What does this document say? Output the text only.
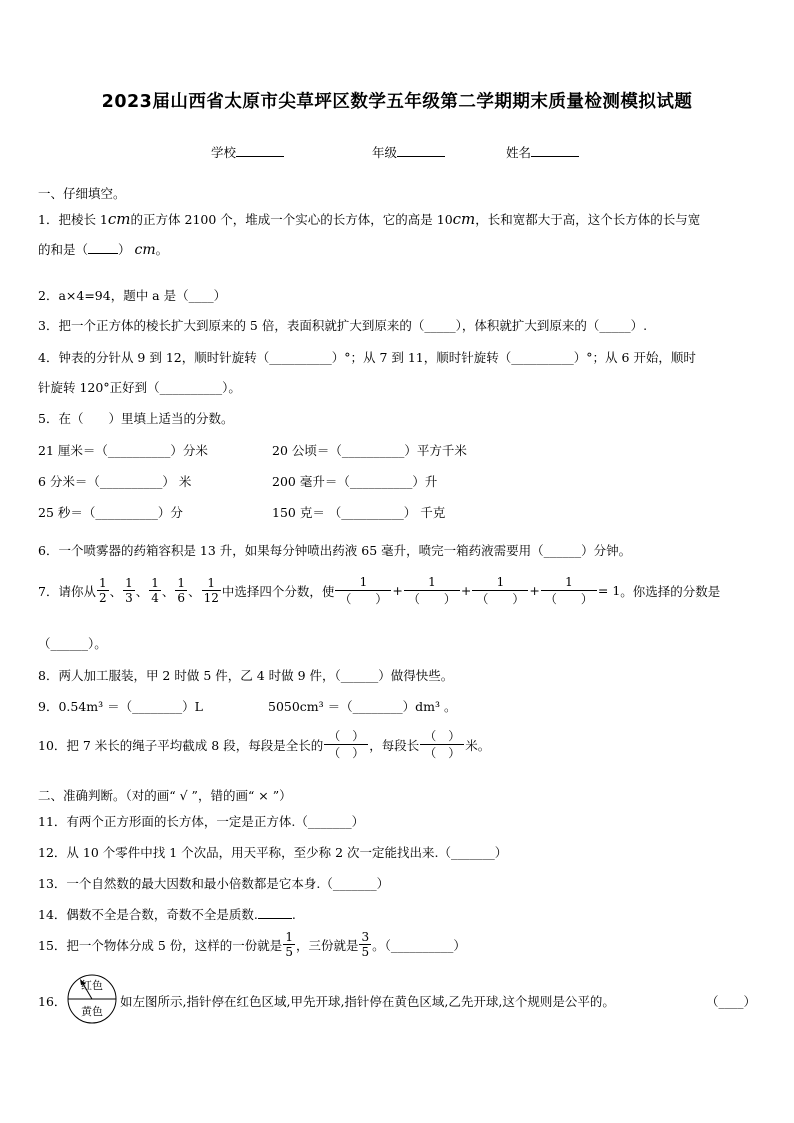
2023届山西省太原市尖草坪区数学五年级第二学期期末质量检测模拟试题
学校	年级	姓名
一、仔细填空。
1．把棱长 1cm的正方体 2100 个，堆成一个实心的长方体，它的高是 10cm，长和宽都大于高，这个长方体的长与宽
的和是（ ） cm。
2．a×4=94，题中 a 是（____）
3．把一个正方体的棱长扩大到原来的 5 倍，表面积就扩大到原来的（_____），体积就扩大到原来的（_____）.
4．钟表的分针从 9 到 12，顺时针旋转（__________）°；从 7 到 11，顺时针旋转（__________）°；从 6 开始，顺时
针旋转 120°正好到（__________）。
5．在（　　）里填上适当的分数。
21 厘米＝（__________）分米	20 公顷＝（__________）平方千米
6 分米＝（__________） 米	200 毫升＝（__________）升
25 秒＝（__________）分	150 克＝ （__________） 千克
6．一个喷雾器的药箱容积是 13 升，如果每分钟喷出药液 65 毫升，喷完一箱药液需要用（______）分钟。
7．请你从 $\frac{1}{2}$ 、 $\frac{1}{3}$ 、 $\frac{1}{4}$ 、 $\frac{1}{6}$ 、 $\frac{1}{12}$ 中选择四个分数，使 $\frac{1}{( )} + \frac{1}{( )} + \frac{1}{( )} + \frac{1}{( )} = 1$ 。你选择的分数是
（______）。
8．两人加工服装，甲 2 时做 5 件，乙 4 时做 9 件，（______）做得快些。
9．0.54m³ ＝（________）L	5050cm³ ＝（________）dm³ 。
10．把 7 米长的绳子平均截成 8 段，每段是全长的 $\frac{( )}{( )}$ ，每段长 $\frac{( )}{( )}$ 米。
二、准确判断。（对的画“ √ ”，错的画“ × ”）
11．有两个正方形面的长方体，一定是正方体.（_______）
12．从 10 个零件中找 1 个次品，用天平称，至少称 2 次一定能找出来.（_______）
13．一个自然数的最大因数和最小倍数都是它本身.（_______）
14．偶数不全是合数，奇数不全是质数.	.
15．把一个物体分成 5 份，这样的一份就是 $\frac{1}{5}$ ，三份就是 $\frac{3}{5}$ 。（__________）
16．
红色
黄色
如左图所示,指针停在红色区域,甲先开球,指针停在黄色区域,乙先开球,这个规则是公平的。	（____）
